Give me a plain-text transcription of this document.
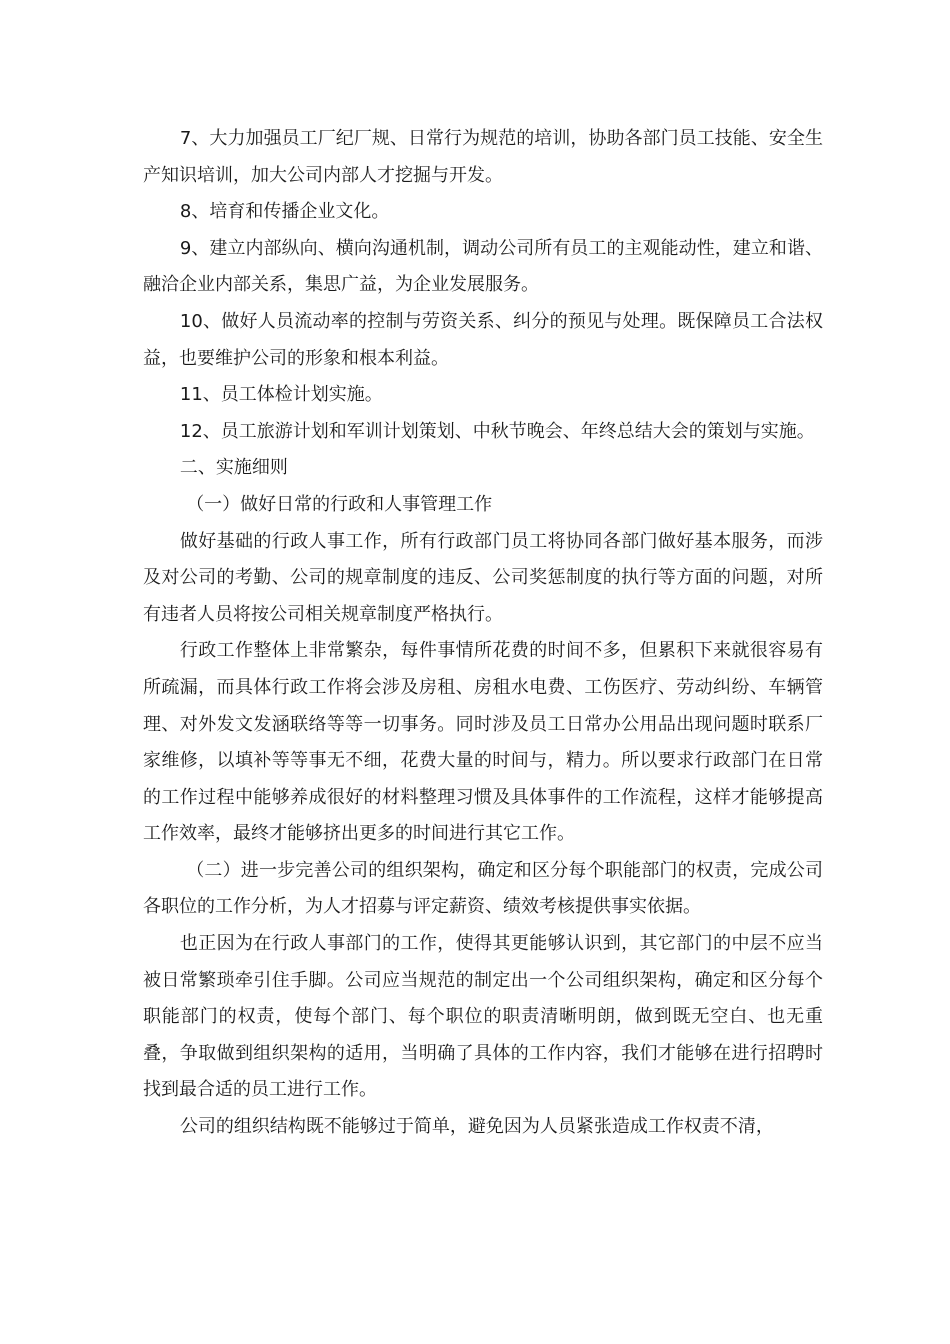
7、大力加强员工厂纪厂规、日常行为规范的培训，协助各部门员工技能、安全生产知识培训，加大公司内部人才挖掘与开发。

8、培育和传播企业文化。

9、建立内部纵向、横向沟通机制，调动公司所有员工的主观能动性，建立和谐、融洽企业内部关系，集思广益，为企业发展服务。

10、做好人员流动率的控制与劳资关系、纠分的预见与处理。既保障员工合法权益，也要维护公司的形象和根本利益。

11、员工体检计划实施。

12、员工旅游计划和军训计划策划、中秋节晚会、年终总结大会的策划与实施。

二、实施细则

（一）做好日常的行政和人事管理工作

做好基础的行政人事工作，所有行政部门员工将协同各部门做好基本服务，而涉及对公司的考勤、公司的规章制度的违反、公司奖惩制度的执行等方面的问题，对所有违者人员将按公司相关规章制度严格执行。

行政工作整体上非常繁杂，每件事情所花费的时间不多，但累积下来就很容易有所疏漏，而具体行政工作将会涉及房租、房租水电费、工伤医疗、劳动纠纷、车辆管理、对外发文发涵联络等等一切事务。同时涉及员工日常办公用品出现问题时联系厂家维修，以填补等等事无不细，花费大量的时间与，精力。所以要求行政部门在日常的工作过程中能够养成很好的材料整理习惯及具体事件的工作流程，这样才能够提高工作效率，最终才能够挤出更多的时间进行其它工作。

（二）进一步完善公司的组织架构，确定和区分每个职能部门的权责，完成公司各职位的工作分析，为人才招募与评定薪资、绩效考核提供事实依据。

也正因为在行政人事部门的工作，使得其更能够认识到，其它部门的中层不应当被日常繁琐牵引住手脚。公司应当规范的制定出一个公司组织架构，确定和区分每个职能部门的权责，使每个部门、每个职位的职责清晰明朗，做到既无空白、也无重叠，争取做到组织架构的适用，当明确了具体的工作内容，我们才能够在进行招聘时找到最合适的员工进行工作。

公司的组织结构既不能够过于简单，避免因为人员紧张造成工作权责不清，
